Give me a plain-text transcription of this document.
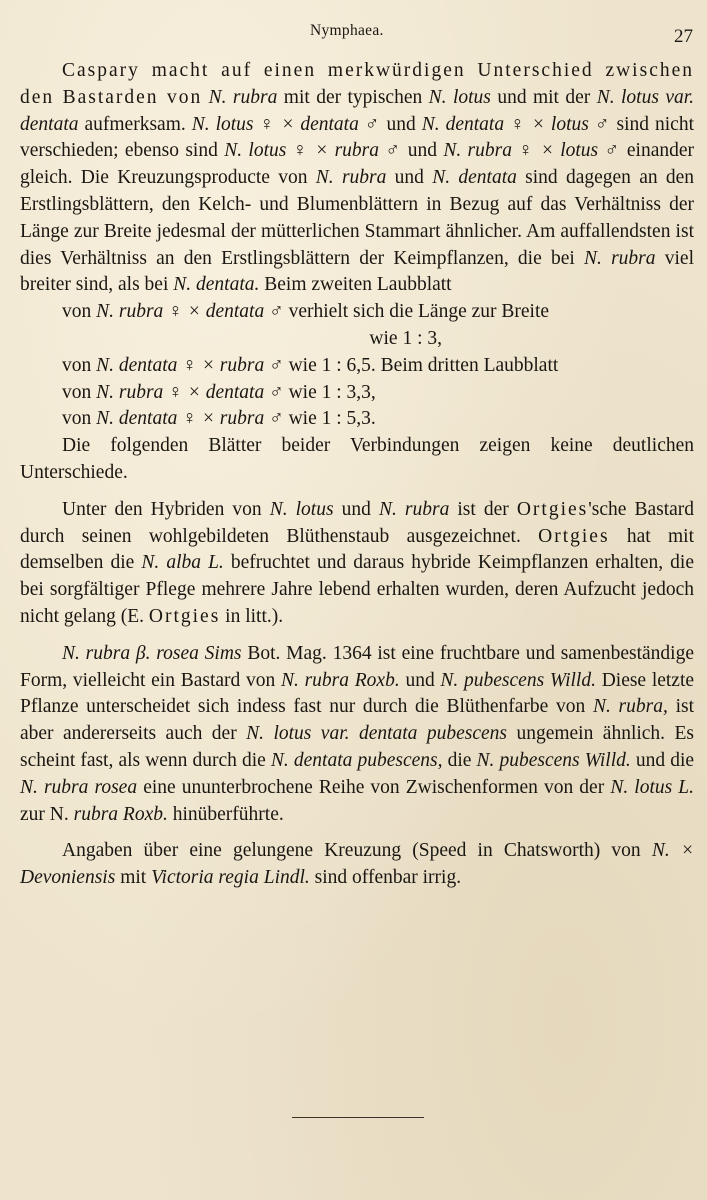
Nymphaea.	27

Caspary macht auf einen merkwürdigen Unterschied zwischen den Bastarden von N. rubra mit der typischen N. lotus und mit der N. lotus var. dentata aufmerksam. N. lotus ♀ × dentata ♂ und N. dentata ♀ × lotus ♂ sind nicht verschieden; ebenso sind N. lotus ♀ × rubra ♂ und N. rubra ♀ × lotus ♂ einander gleich. Die Kreuzungsproducte von N. rubra und N. dentata sind dagegen an den Erstlingsblättern, den Kelch- und Blumenblättern in Bezug auf das Verhältniss der Länge zur Breite jedesmal der mütterlichen Stammart ähnlicher. Am auffallendsten ist dies Verhältniss an den Erstlingsblättern der Keimpflanzen, die bei N. rubra viel breiter sind, als bei N. dentata. Beim zweiten Laubblatt

von N. rubra ♀ × dentata ♂ verhielt sich die Länge zur Breite
wie 1 : 3,
von N. dentata ♀ × rubra ♂ wie 1 : 6,5. Beim dritten Laubblatt
von N. rubra ♀ × dentata ♂ wie 1 : 3,3,
von N. dentata ♀ × rubra ♂ wie 1 : 5,3.

Die folgenden Blätter beider Verbindungen zeigen keine deutlichen Unterschiede.

Unter den Hybriden von N. lotus und N. rubra ist der Ortgies'sche Bastard durch seinen wohlgebildeten Blüthenstaub ausgezeichnet. Ortgies hat mit demselben die N. alba L. befruchtet und daraus hybride Keimpflanzen erhalten, die bei sorgfältiger Pflege mehrere Jahre lebend erhalten wurden, deren Aufzucht jedoch nicht gelang (E. Ortgies in litt.).

N. rubra β. rosea Sims Bot. Mag. 1364 ist eine fruchtbare und samenbeständige Form, vielleicht ein Bastard von N. rubra Roxb. und N. pubescens Willd. Diese letzte Pflanze unterscheidet sich indess fast nur durch die Blüthenfarbe von N. rubra, ist aber andererseits auch der N. lotus var. dentata pubescens ungemein ähnlich. Es scheint fast, als wenn durch die N. dentata pubescens, die N. pubescens Willd. und die N. rubra rosea eine ununterbrochene Reihe von Zwischenformen von der N. lotus L. zur N. rubra Roxb. hinüberführte.

Angaben über eine gelungene Kreuzung (Speed in Chatsworth) von N. × Devoniensis mit Victoria regia Lindl. sind offenbar irrig.
